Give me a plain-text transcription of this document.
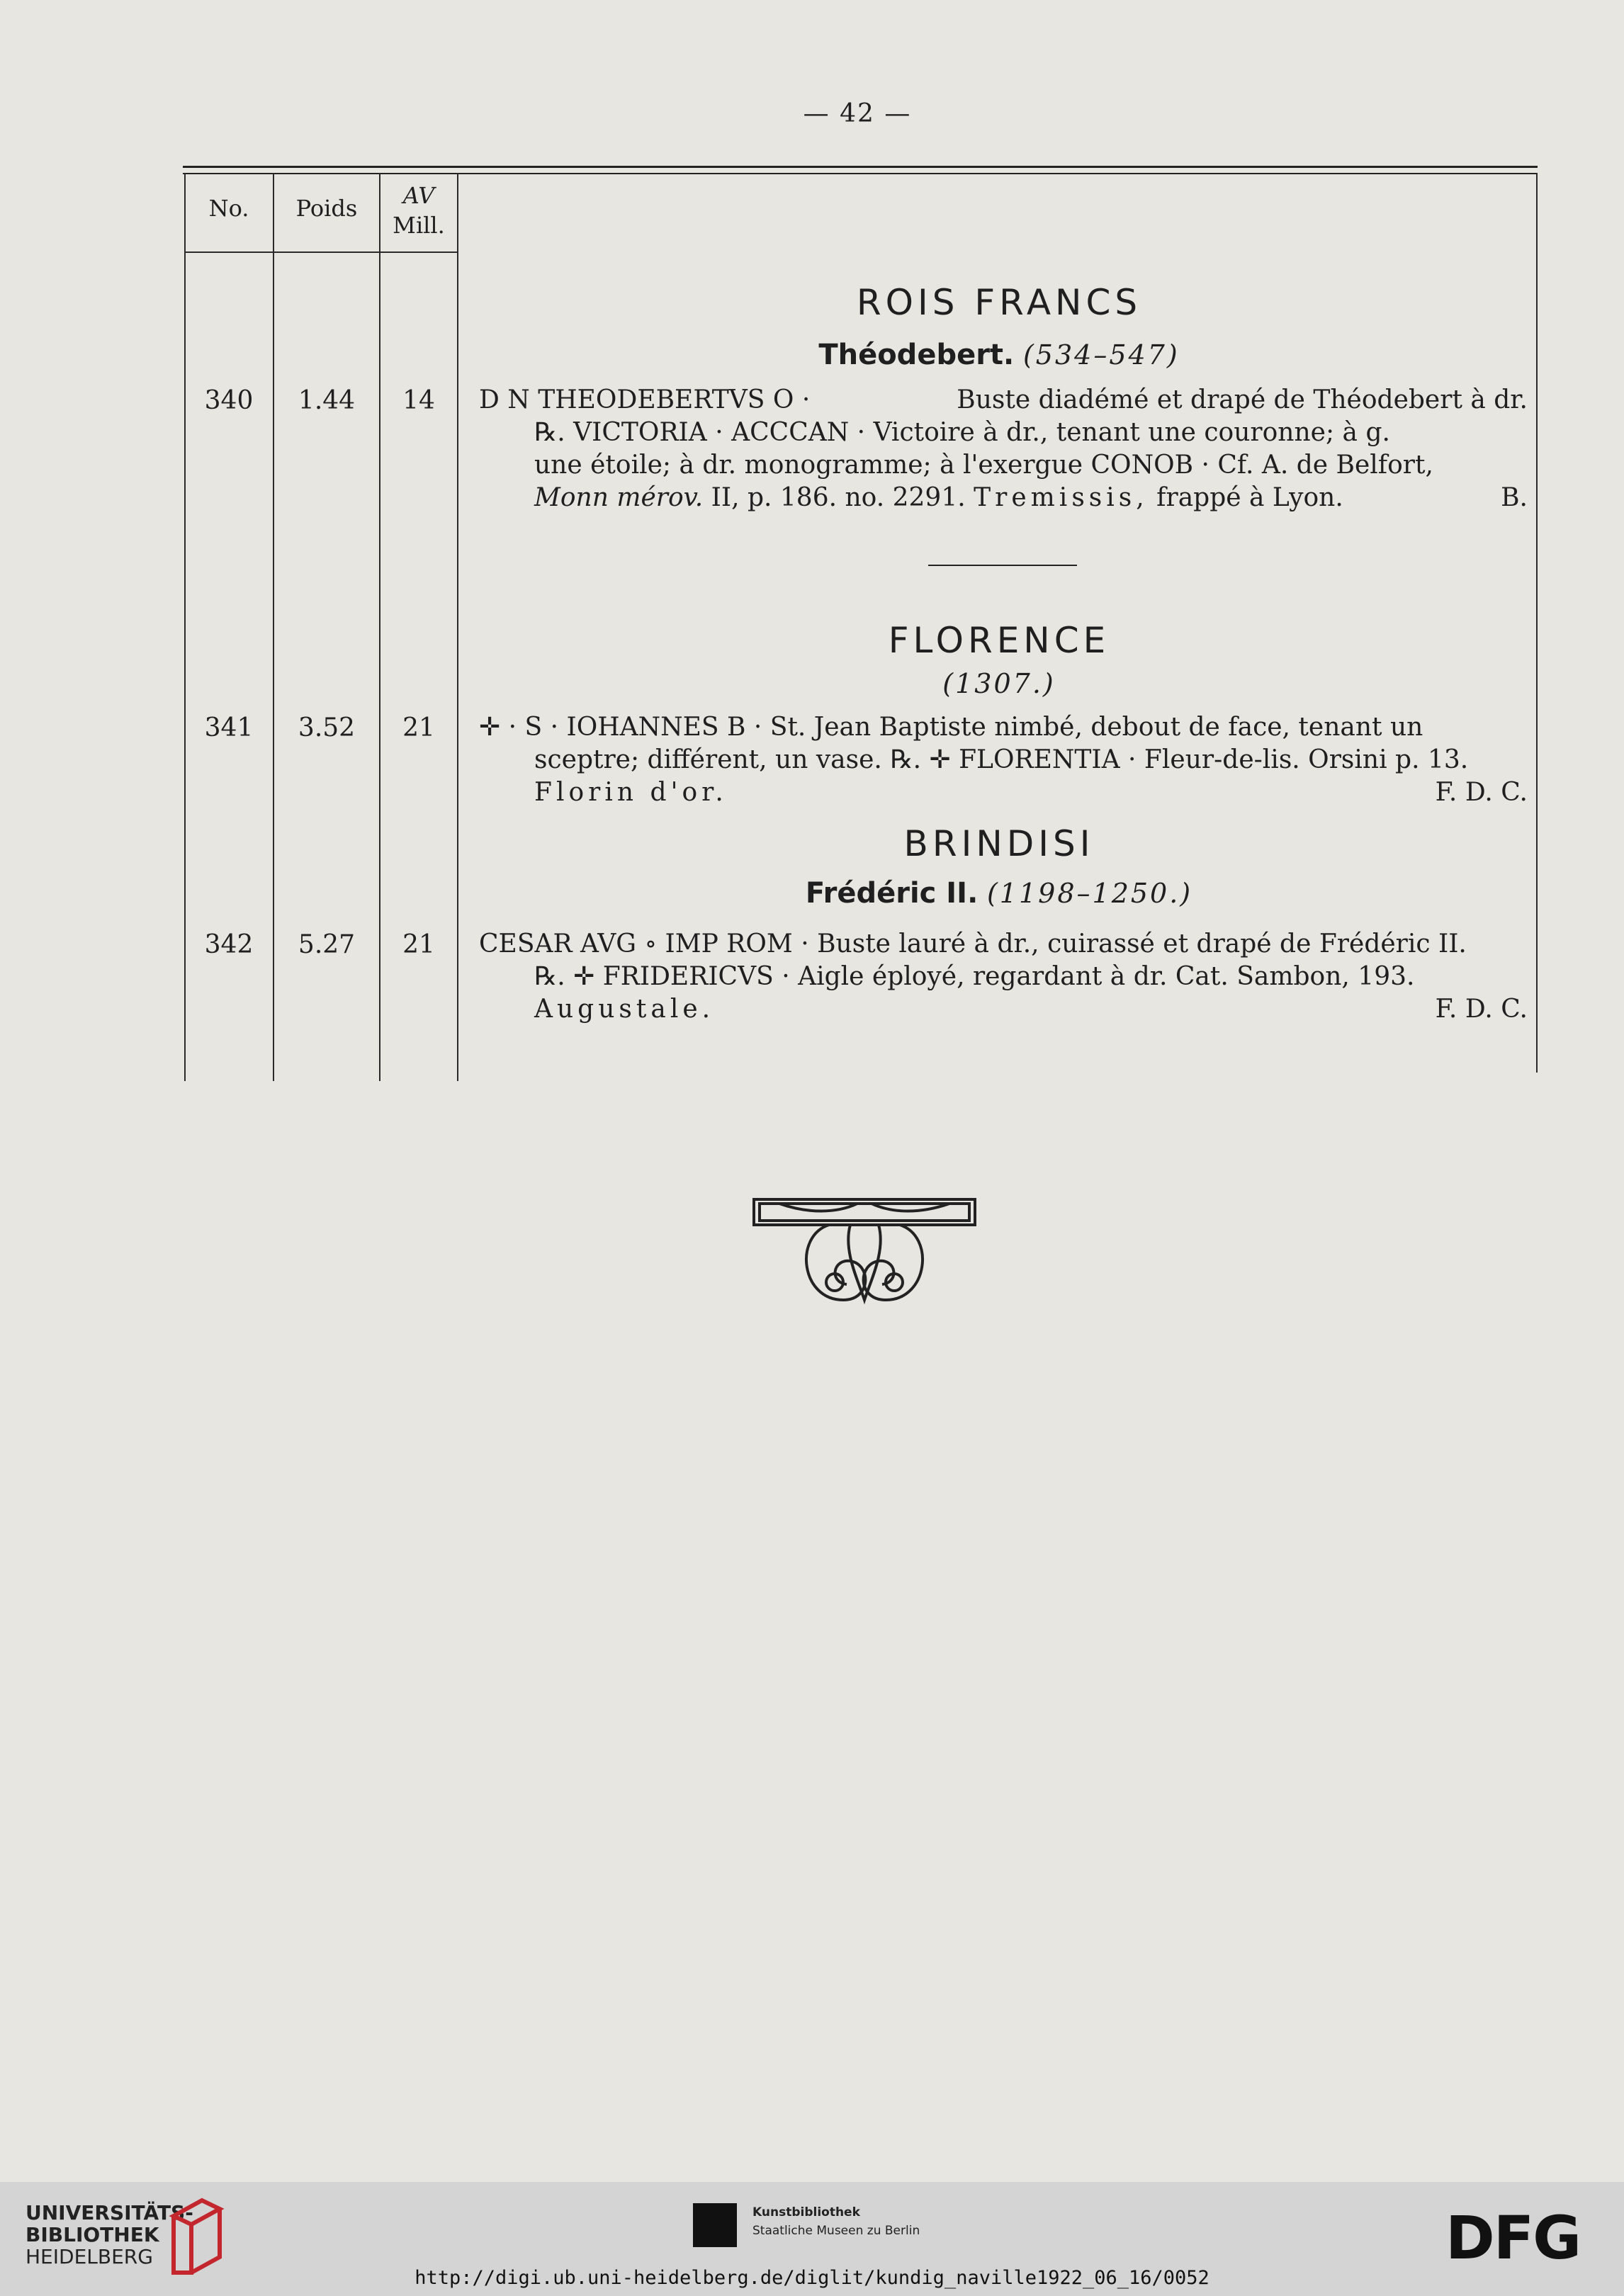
— 42 —
No.	Poids	AV
Mill.
ROIS FRANCS
Théodebert. (534–547)
340	1.44	14	D N THEODEBERTVS O ·	Buste diadémé et drapé de Théodebert à dr.
℞. VICTORIA · ACCCAN · Victoire à dr., tenant une couronne; à g.
une étoile; à dr. monogramme; à l'exergue CONOB · Cf. A. de Belfort,
Monn mérov. II, p. 186. no. 2291. Tremissis, frappé à Lyon.	B.
FLORENCE
(1307.)
341	3.52	21	✛ · S · IOHANNES B · St. Jean Baptiste nimbé, debout de face, tenant un
sceptre; différent, un vase. ℞. ✛ FLORENTIA · Fleur-de-lis. Orsini p. 13.
Florin d'or.	F. D. C.
BRINDISI
Frédéric II. (1198–1250.)
342	5.27	21	CESAR AVG ∘ IMP ROM · Buste lauré à dr., cuirassé et drapé de Frédéric II.
℞. ✛ FRIDERICVS · Aigle éployé, regardant à dr. Cat. Sambon, 193.
Augustale.	F. D. C.
UNIVERSITÄTS-
BIBLIOTHEK
HEIDELBERG
Kunstbibliothek
Staatliche Museen zu Berlin	DFG
http://digi.ub.uni-heidelberg.de/diglit/kundig_naville1922_06_16/0052
